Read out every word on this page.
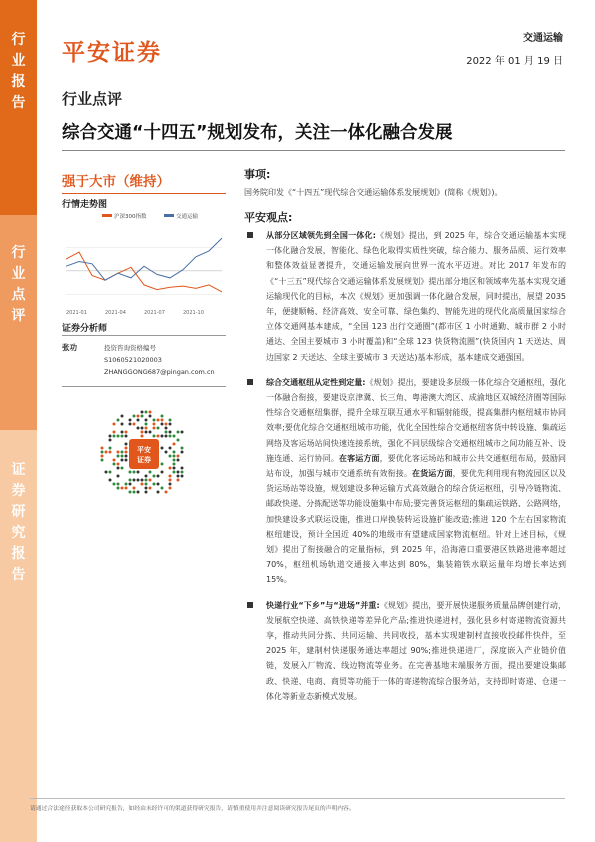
行
业
报
告
行
业
点
评
证
券
研
究
报
告
平安证券
交通运输
2022 年 01 月 19 日
行业点评
综合交通“十四五”规划发布，关注一体化融合发展
强于大市（维持）
行情走势图
沪深300指数	交通运输
2021-01	2021-04	2021-07	2021-10
证券分析师
张功	投资咨询资格编号
S1060521020003
ZHANGGONG687@pingan.com.cn
平安
证券
事项:
国务院印发《“十四五”现代综合交通运输体系发展规划》(简称《规划》)。
平安观点:
从部分区域领先到全国一体化:《规划》提出，到 2025 年，综合交通运输基本实现一体化融合发展，智能化、绿色化取得实质性突破，综合能力、服务品质、运行效率和整体效益显著提升，交通运输发展向世界一流水平迈进。对比 2017 年发布的《“十三五”现代综合交通运输体系发展规划》提出部分地区和领域率先基本实现交通运输现代化的目标，本次《规划》更加强调一体化融合发展，同时提出，展望 2035 年，便捷顺畅、经济高效、安全可靠、绿色集约、智能先进的现代化高质量国家综合立体交通网基本建成，“全国 123 出行交通圈”(都市区 1 小时通勤、城市群 2 小时通达、全国主要城市 3 小时覆盖)和“全球 123 快货物流圈”(快货国内 1 天送达、周边国家 2 天送达、全球主要城市 3 天送达)基本形成，基本建成交通强国。
综合交通枢纽从定性到定量:《规划》提出，要建设多层级一体化综合交通枢纽，强化一体融合衔接，要建设京津冀、长三角、粤港澳大湾区、成渝地区双城经济圈等国际性综合交通枢纽集群，提升全球互联互通水平和辐射能级，提高集群内枢纽城市协同效率;要优化综合交通枢纽城市功能，优化全国性综合交通枢纽客货中转设施、集疏运网络及客运场站间快速连接系统，强化不同层级综合交通枢纽城市之间功能互补、设施连通、运行协同。在客运方面，要优化客运场站和城市公共交通枢纽布局，鼓励同站布设，加强与城市交通系统有效衔接。在货运方面，要优先利用现有物流园区以及货运场站等设施，规划建设多种运输方式高效融合的综合货运枢纽，引导冷链物流、邮政快递、分拣配送等功能设施集中布局;要完善货运枢纽的集疏运铁路、公路网络，加快建设多式联运设施，推进口岸换装转运设施扩能改造;推进 120 个左右国家物流枢纽建设，预计全国近 40%的地级市有望建成国家物流枢纽。针对上述目标，《规划》提出了衔接融合的定量指标，到 2025 年，沿海港口重要港区铁路进港率超过 70%，枢纽机场轨道交通接入率达到 80%，集装箱铁水联运量年均增长率达到 15%。
快递行业“下乡”与“进场”并重:《规划》提出，要开展快递服务质量品牌创建行动，发展航空快递、高铁快递等差异化产品;推进快递进村，强化县乡村寄递物流资源共享，推动共同分拣、共同运输、共同收投，基本实现建制村直接收投邮件快件，至 2025 年，建制村快递服务通达率超过 90%;推进快递进厂，深度嵌入产业链价值链，发展入厂物流、线边物流等业务。在完善基地末端服务方面，提出要建设集邮政、快递、电商、商贸等功能于一体的寄递物流综合服务站，支持即时寄递、仓递一体化等新业态新模式发展。
请通过合法途径获取本公司研究报告，如经由未经许可的渠道获得研究报告，请慎重使用并注意阅读研究报告尾页的声明内容。
